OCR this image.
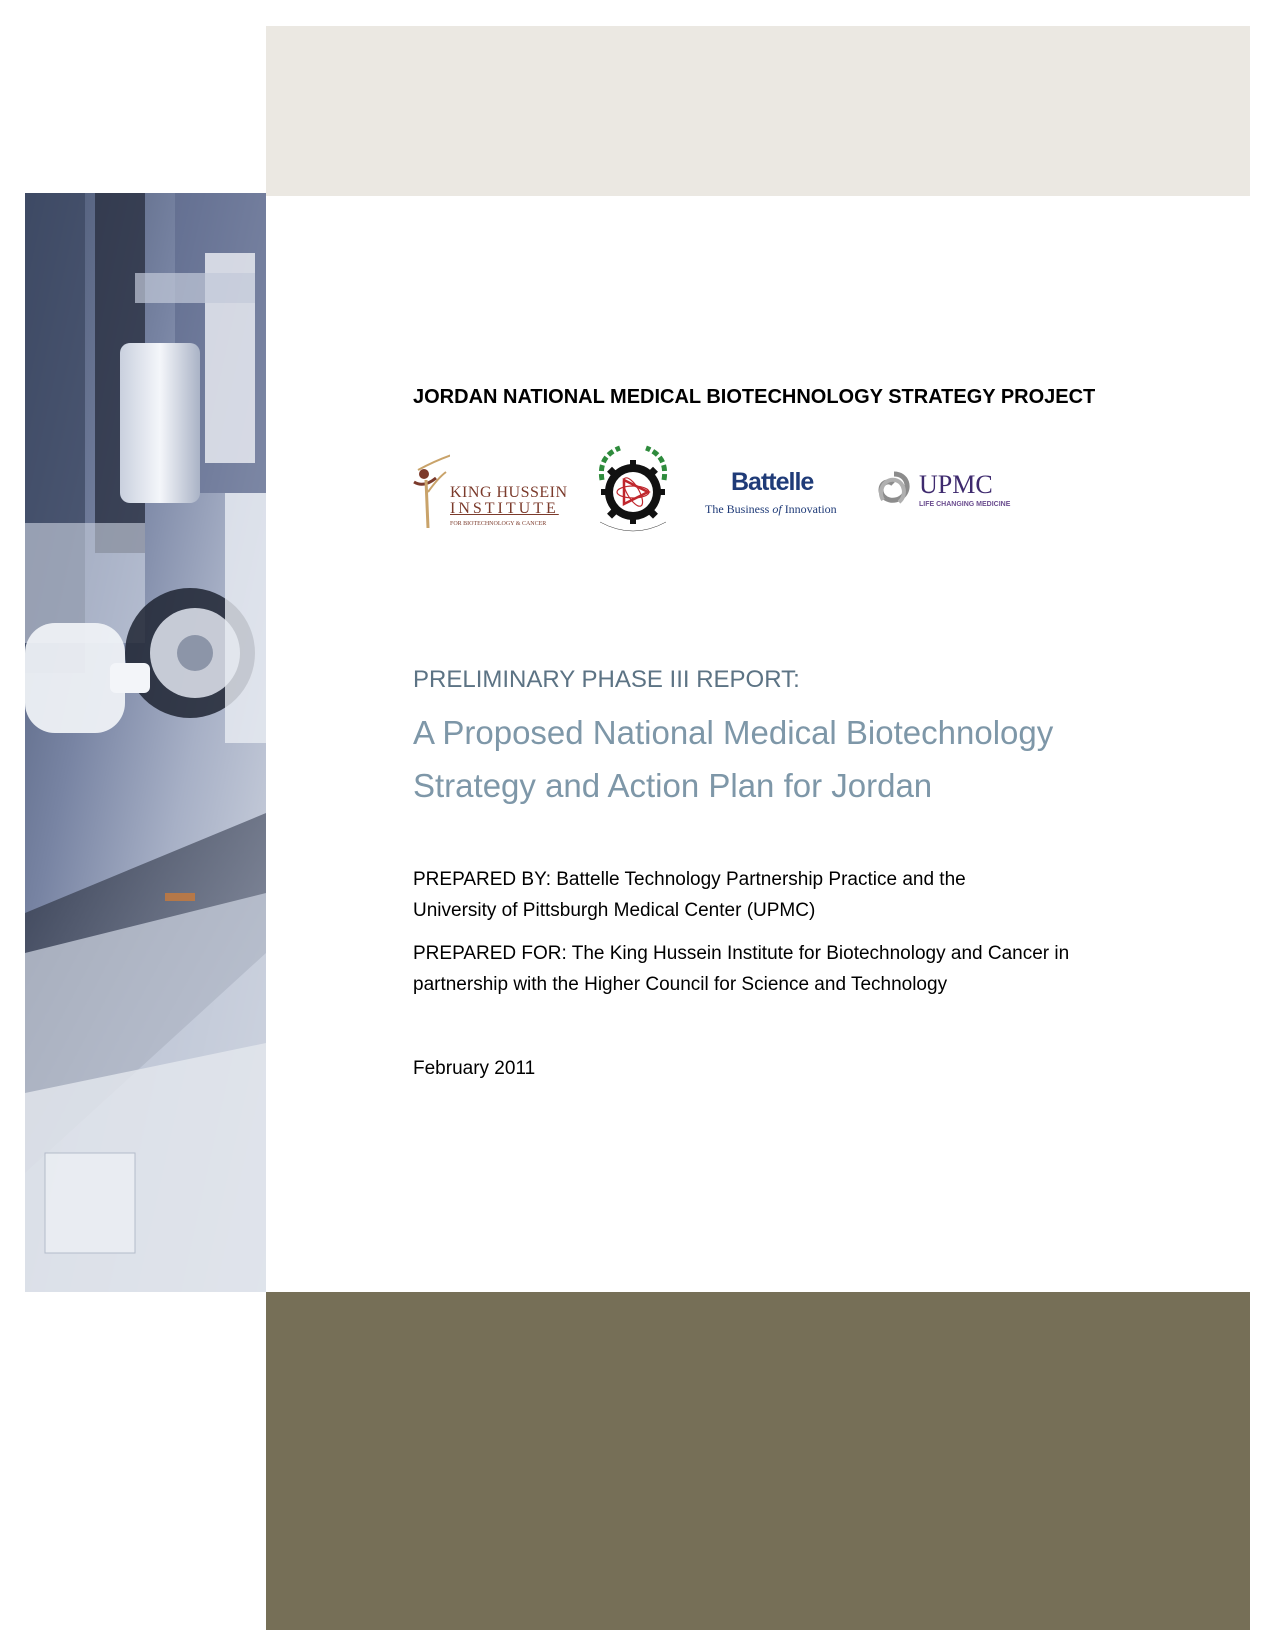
JORDAN NATIONAL MEDICAL BIOTECHNOLOGY STRATEGY PROJECT
KING HUSSEIN
INSTITUTE
FOR BIOTECHNOLOGY & CANCER
Battelle
The Business of Innovation
UPMC
LIFE CHANGING MEDICINE
PRELIMINARY PHASE III REPORT:
A Proposed National Medical Biotechnology
Strategy and Action Plan for Jordan
PREPARED BY: Battelle Technology Partnership Practice and the
University of Pittsburgh Medical Center (UPMC)
PREPARED FOR: The King Hussein Institute for Biotechnology and Cancer in
partnership with the Higher Council for Science and Technology
February 2011
